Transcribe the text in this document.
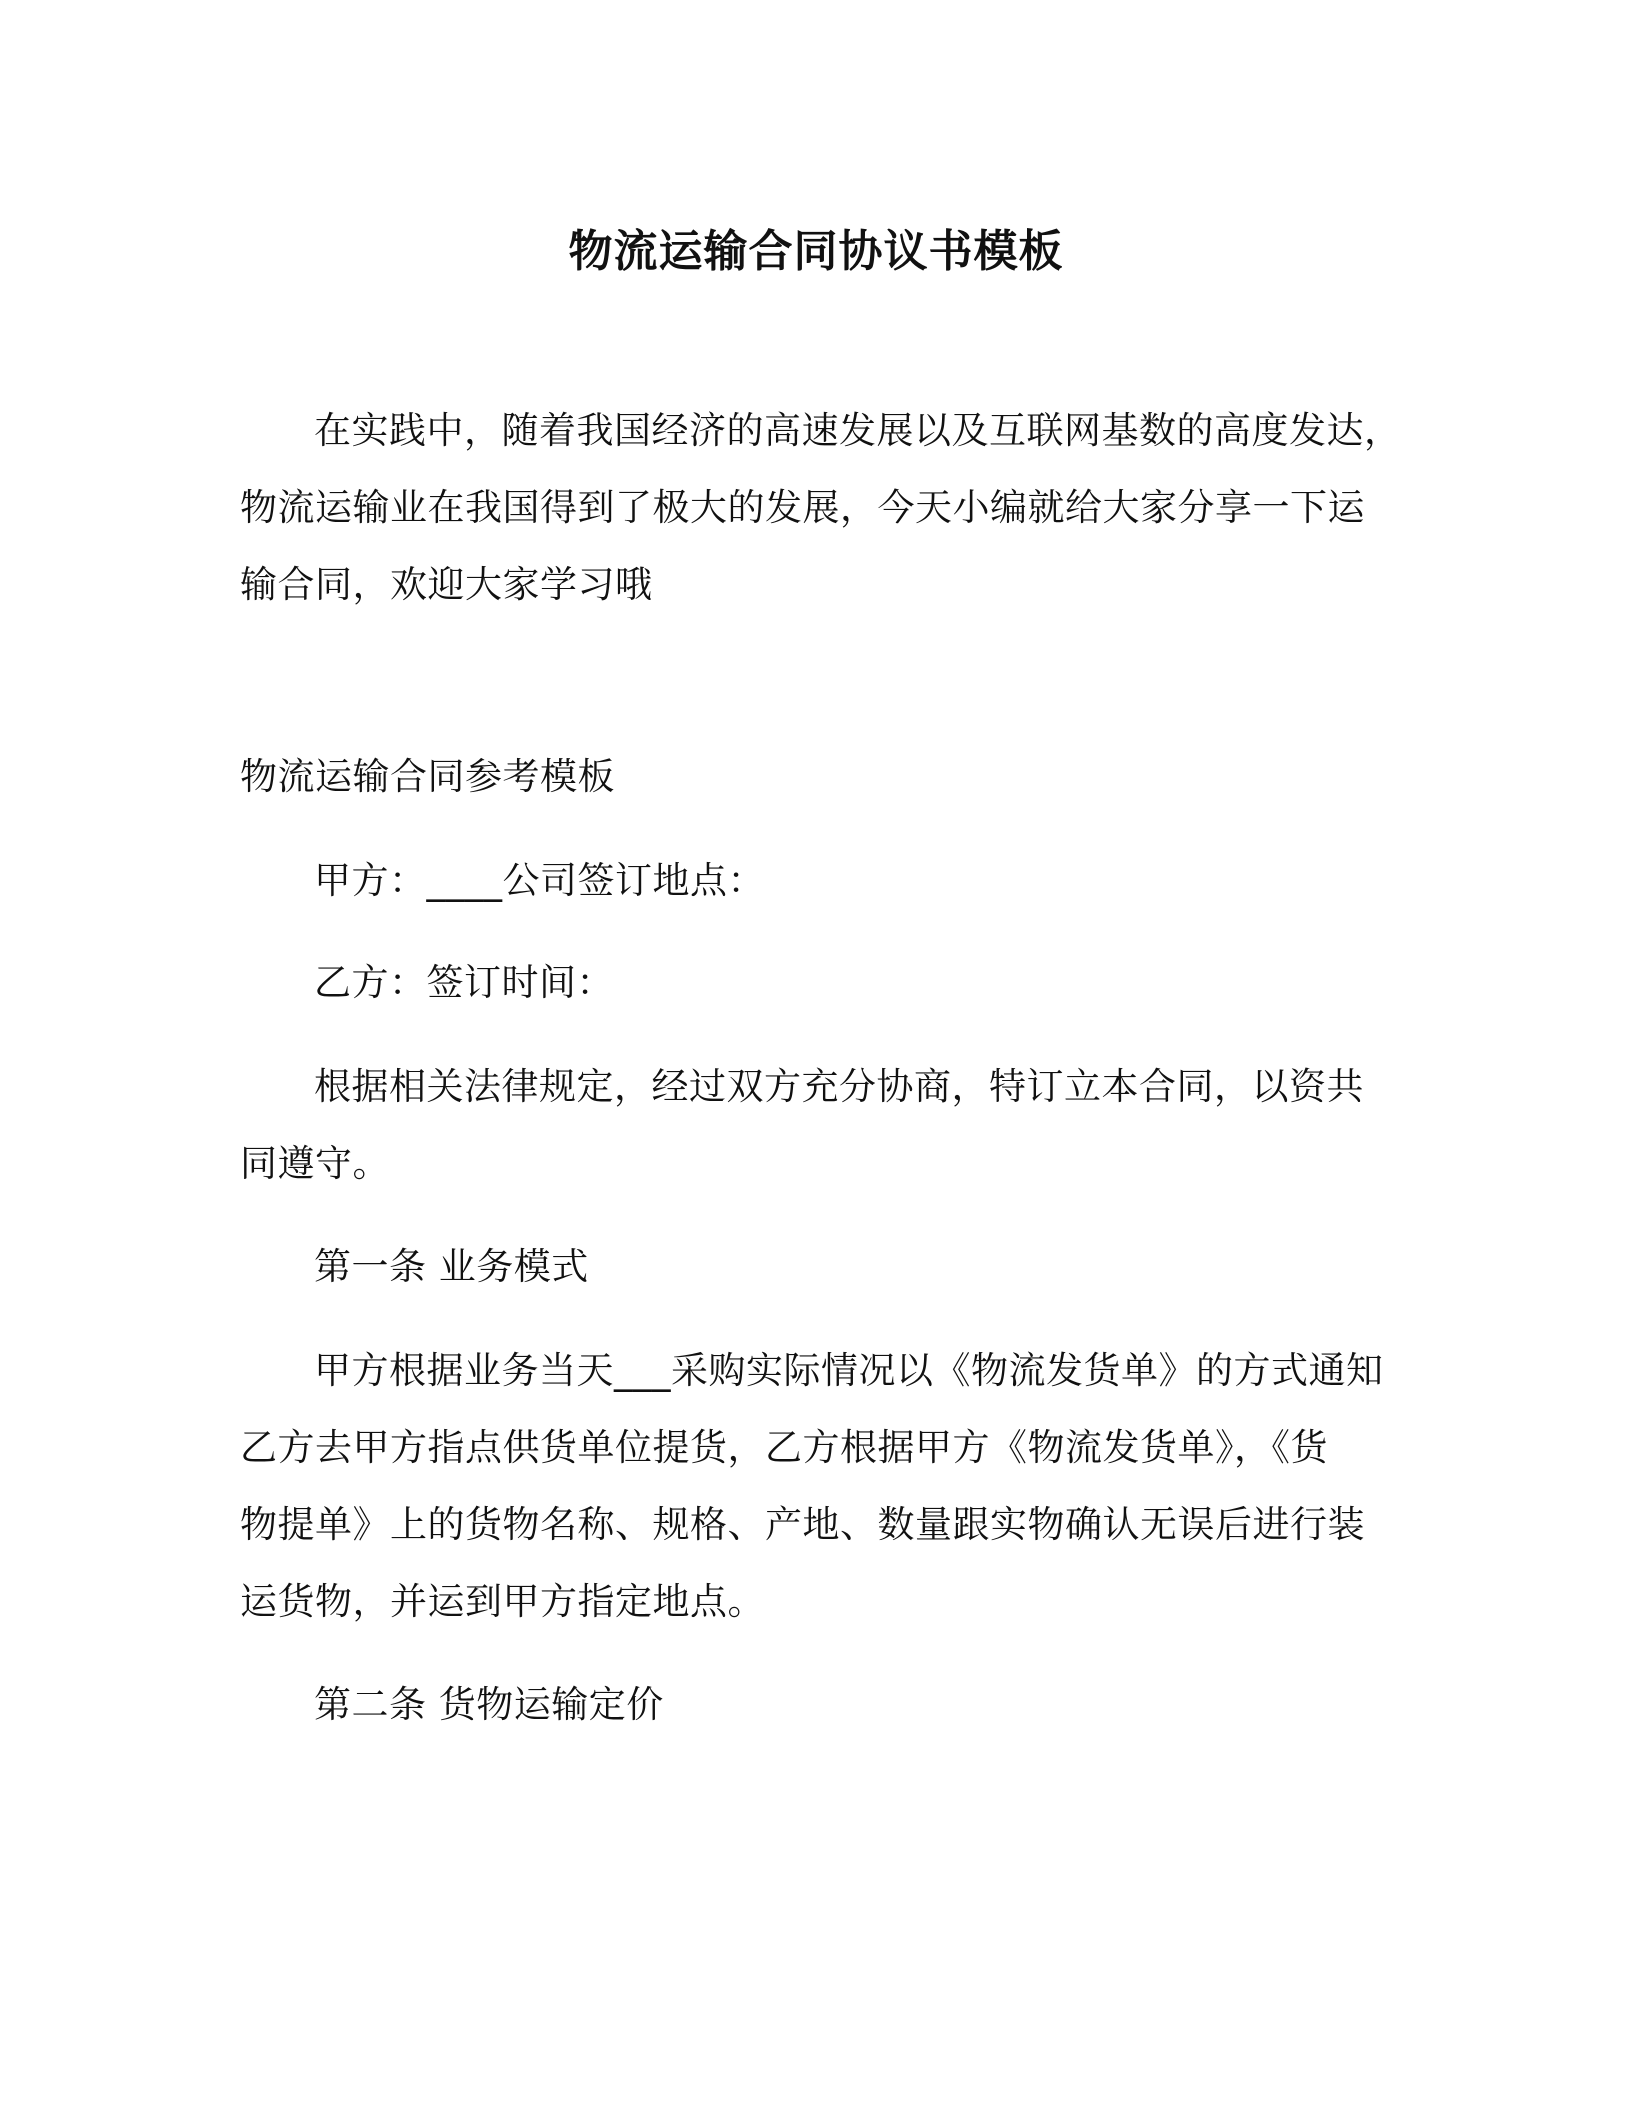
物流运输合同协议书模板

在实践中，随着我国经济的高速发展以及互联网基数的高度发达，
物流运输业在我国得到了极大的发展，今天小编就给大家分享一下运
输合同，欢迎大家学习哦

物流运输合同参考模板

甲方：____公司签订地点：

乙方：签订时间：

根据相关法律规定，经过双方充分协商，特订立本合同，以资共
同遵守。

第一条 业务模式

甲方根据业务当天___采购实际情况以《物流发货单》的方式通知
乙方去甲方指点供货单位提货，乙方根据甲方《物流发货单》，《货
物提单》上的货物名称、规格、产地、数量跟实物确认无误后进行装
运货物，并运到甲方指定地点。

第二条 货物运输定价
